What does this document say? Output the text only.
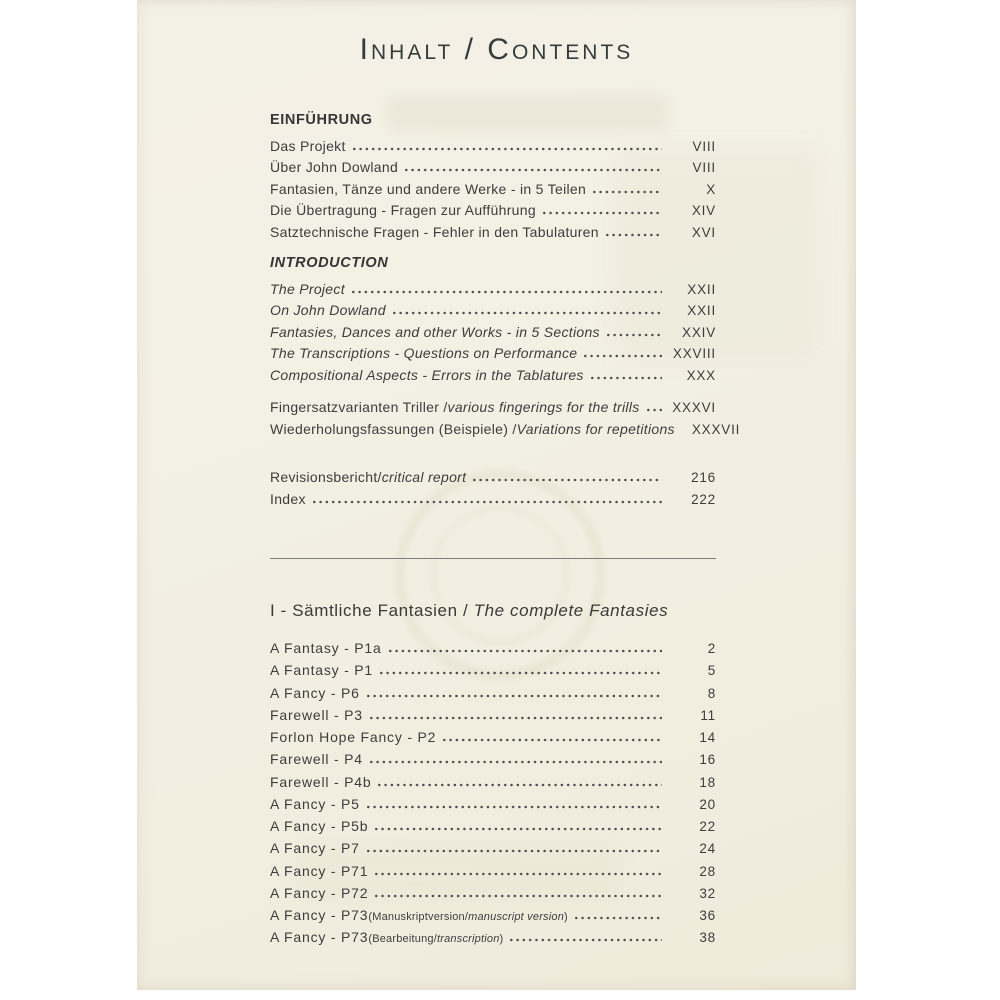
Inhalt / Contents
EINFÜHRUNG
Das Projekt	VIII
Über John Dowland	VIII
Fantasien, Tänze und andere Werke - in 5 Teilen	X
Die Übertragung - Fragen zur Aufführung	XIV
Satztechnische Fragen - Fehler in den Tabulaturen	XVI
INTRODUCTION
The Project	XXII
On John Dowland	XXII
Fantasies, Dances and other Works - in 5 Sections	XXIV
The Transcriptions - Questions on Performance	XXVIII
Compositional Aspects - Errors in the Tablatures	XXX
Fingersatzvarianten Triller / various fingerings for the trills XXXVI
Wiederholungsfassungen (Beispiele) / Variations for repetitions XXXVII
Revisionsbericht/ critical report	216
Index	222
I - Sämtliche Fantasien / The complete Fantasies
A Fantasy - P1a	2
A Fantasy - P1	5
A Fancy - P6	8
Farewell - P3	11
Forlon Hope Fancy - P2	14
Farewell - P4	16
Farewell - P4b	18
A Fancy - P5	20
A Fancy - P5b	22
A Fancy - P7	24
A Fancy - P71	28
A Fancy - P72	32
A Fancy - P73 (Manuskriptversion/ manuscript version )	36
A Fancy - P73 (Bearbeitung/ transcription )	38
